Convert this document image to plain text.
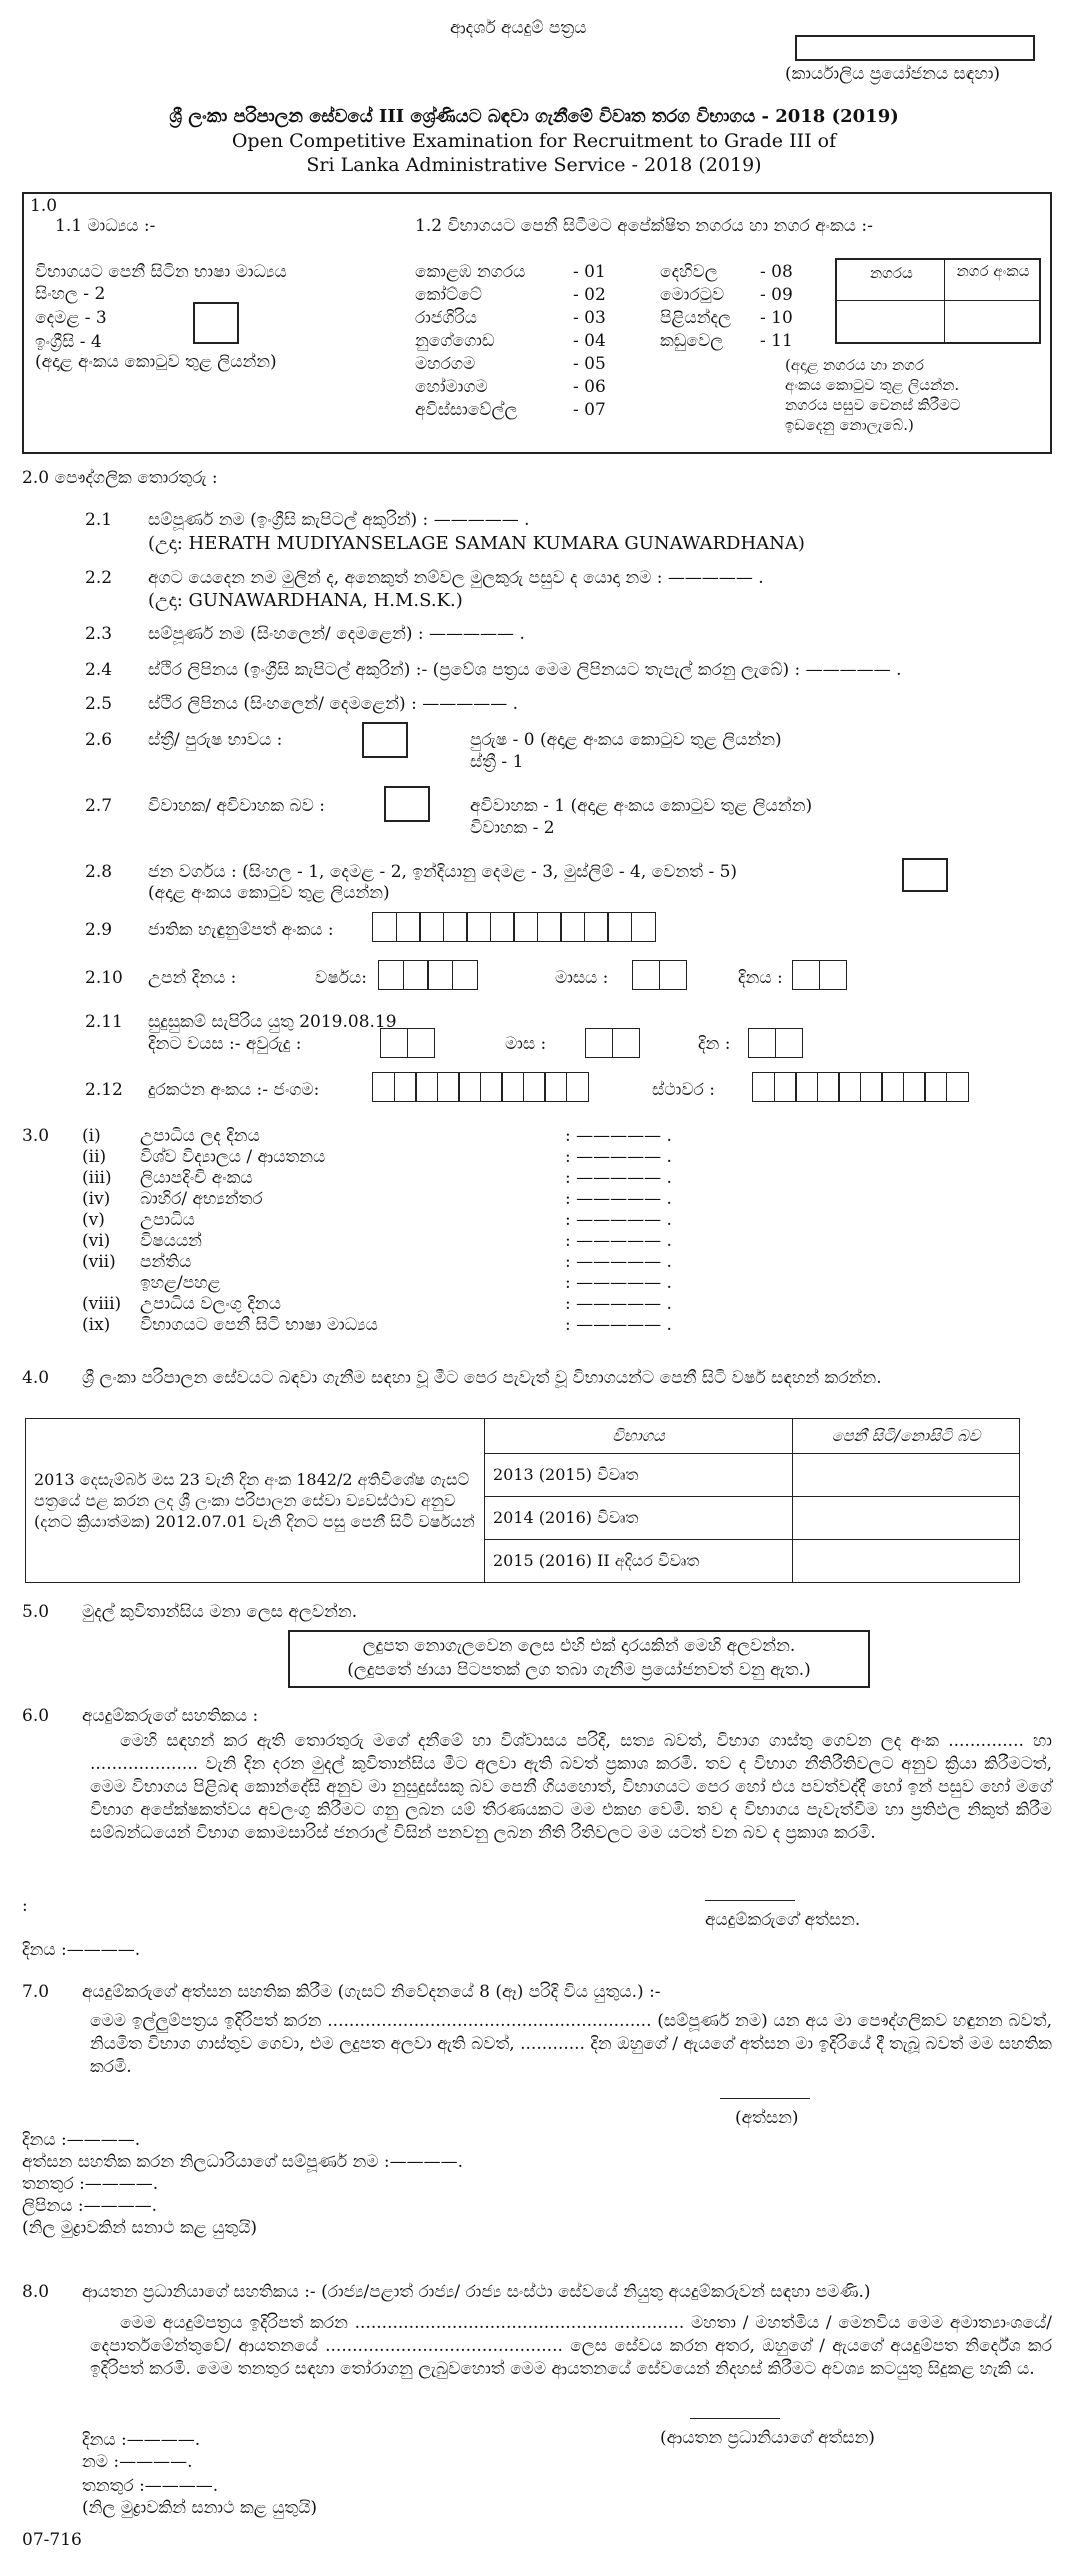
ආදර්ශ අයදුම් පත්‍රය
(කාර්යාලිය ප්‍රයෝජනය සඳහා)
ශ්‍රී ලංකා පරිපාලන සේවයේ III ශ්‍රේණියට බඳවා ගැනීමේ විවෘත තරග විභාගය - 2018 (2019)
Open Competitive Examination for Recruitment to Grade III of
Sri Lanka Administrative Service - 2018 (2019)
1.0
1.1 මාධ්‍යය :-	1.2 විභාගයට පෙනී සිටීමට අපේක්ෂිත නගරය හා නගර අංකය :-
විභාගයට පෙනී සිටින භාෂා මාධ්‍යය
සිංහල - 2
දෙමළ - 3
ඉංග්‍රීසි - 4
(අදාළ අංකය කොටුව තුළ ලියන්න)
කොළඹ නගරය	- 01
කෝට්ටේ	- 02
රාජගිරිය	- 03
නුගේගොඩ	- 04
මහරගම	- 05
හෝමාගම	- 06
අවිස්සාවේල්ල	- 07
දෙහිවල - 08
මොරටුව - 09
පිළියන්දල - 10
කඩුවෙල - 11
නගරය	නගර අංකය
(අදාළ නගරය හා නගර
අංකය කොටුව තුළ ලියන්න.
නගරය පසුව වෙනස් කිරීමට
ඉඩදෙනු නොලැබේ.)
2.0 පෞද්ගලික තොරතුරු :
2.1 සම්පූර්ණ නම (ඉංග්‍රීසි කැපිටල් අකුරින්) : ————— .
(උදා: HERATH MUDIYANSELAGE SAMAN KUMARA GUNAWARDHANA)
2.2 අගට යෙදෙන නම මුලින් ද, අනෙකුත් නම්වල මුලකුරු පසුව ද යොදා නම : ————— .
(උදා: GUNAWARDHANA, H.M.S.K.)
2.3 සම්පූර්ණ නම (සිංහලෙන්/ දෙමළෙන්) : ————— .
2.4 ස්ථිර ලිපිනය (ඉංග්‍රීසි කැපිටල් අකුරින්) :- (ප්‍රවේශ පත්‍රය මෙම ලිපිනයට තැපැල් කරනු ලැබේ) : ————— .
2.5 ස්ථිර ලිපිනය (සිංහලෙන්/ දෙමළෙන්) : ————— .
2.6 ස්ත්‍රී/ පුරුෂ භාවය :	පුරුෂ - 0 (අදාළ අංකය කොටුව තුළ ලියන්න)
ස්ත්‍රී - 1
2.7 විවාහක/ අවිවාහක බව :	අවිවාහක - 1 (අදාළ අංකය කොටුව තුළ ලියන්න)
විවාහක - 2
2.8 ජන වර්ගය : (සිංහල - 1, දෙමළ - 2, ඉන්දියානු දෙමළ - 3, මුස්ලිම් - 4, වෙනත් - 5)
(අදාළ අංකය කොටුව තුළ ලියන්න)
2.9 ජාතික හැඳුනුම්පත් අංකය :
2.10 උපන් දිනය :	වර්ෂය:	මාසය :	දිනය :
2.11 සුදුසුකම් සැපිරිය යුතු 2019.08.19
දිනට වයස :- අවුරුදු :	මාස :	දින :
2.12 දුරකථන අංකය :- ජංගම:	ස්ථාවර :
3.0 (i) උපාධිය ලද දිනය	: ————— .
(ii) විශ්ව විද්‍යාලය / ආයතනය	: ————— .
(iii) ලියාපදිංචි අංකය	: ————— .
(iv) බාහිර/ අභ්‍යන්තර	: ————— .
(v) උපාධිය	: ————— .
(vi) විෂයයන්	: ————— .
(vii) පන්තිය	: ————— .
ඉහළ/පහළ	: ————— .
(viii) උපාධිය වලංගු දිනය	: ————— .
(ix) විභාගයට පෙනී සිටි භාෂා මාධ්‍යය	: ————— .
4.0 ශ්‍රී ලංකා පරිපාලන සේවයට බඳවා ගැනීම සඳහා වූ මීට පෙර පැවැත් වූ විභාගයන්ට පෙනී සිටි වර්ෂ සඳහන් කරන්න.
2013 දෙසැම්බර් මස 23 වැනි දින අංක 1842/2 අතිවිශේෂ ගැසට් පත්‍රයේ පළ කරන ලද ශ්‍රී ලංකා පරිපාලන සේවා ව්‍යවස්ථාව අනුව (දනට ක්‍රියාත්මක) 2012.07.01 වැනි දිනට පසු පෙනී සිටි වර්ෂයන්	විභාගය	පෙනී සිටි/නොසිටි බව
	2013 (2015) විවෘත	
	2014 (2016) විවෘත	
	2015 (2016) II අදියර විවෘත	
5.0 මුදල් කුවිතාන්සිය මනා ලෙස අලවන්න.
ලදුපත නොගැලවෙන ලෙස එහි එක් දාරයකින් මෙහි අලවන්න.
(ලදුපතේ ඡායා පිටපතක් ලග තබා ගැනීම ප්‍රයෝජනවත් වනු ඇත.)
6.0 අයදුම්කරුගේ සහතිකය :
මෙහි සඳහන් කර ඇති තොරතුරු මගේ දනීමේ හා විශ්වාසය පරිදි, සත්‍ය බවත්, විභාග ගාස්තු ගෙවන ලද අංක .............. හා .................... වැනි දින දරන මුදල් කුවිතාන්සිය මීට අලවා ඇති බවත් ප්‍රකාශ කරමි. තව ද විභාග නීතිරීතිවලට අනුව ක්‍රියා කිරීමටත්, මෙම විභාගය පිළිබඳ කොන්දේසි අනුව මා නුසුදුස්සකු බව පෙනී ගියහොත්, විභාගයට පෙර හෝ එය පවත්වද්දී හෝ ඉන් පසුව හෝ මගේ විභාග අපේක්ෂකත්වය අවලංගු කිරීමට ගනු ලබන යම් තීරණයකට මම එකඟ වෙමි. තව ද විභාගය පැවැත්වීම හා ප්‍රතිඵල නිකුත් කිරීම සම්බන්ධයෙන් විභාග කොමසාරිස් ජනරාල් විසින් පනවනු ලබන නීති රීතිවලට මම යටත් වන බව ද ප්‍රකාශ කරමි.
:
අයදුම්කරුගේ අත්සන.
දිනය :————.
7.0 අයදුම්කරුගේ අත්සන සහතික කිරීම (ගැසට් නිවේදනයේ 8 (ඈ) පරිදි විය යුතුය.) :-
මෙම ඉල්ලුම්පත්‍රය ඉදිරිපත් කරන ............................................................ (සම්පූර්ණ නම) යන අය මා පෞද්ගලිකව හඳුනන බවත්, නියමිත විභාග ගාස්තුව ගෙවා, එම ලදුපත අලවා ඇති බවත්, ............ දින ඔහුගේ / ඇයගේ අත්සන මා ඉදිරියේ දී තැබූ බවත් මම සහතික කරමි.
(අත්සන)
දිනය :————.
අත්සන සහතික කරන නිලධාරියාගේ සම්පූර්ණ නම :————.
තනතුර :————.
ලිපිනය :————.
(නිල මුද්‍රාවකින් සනාථ කළ යුතුයි)
8.0 ආයතන ප්‍රධානියාගේ සහතිකය :- (රාජ්‍ය/පළාත් රාජ්‍ය/ රාජ්‍ය සංස්ථා සේවයේ නියුතු අයදුම්කරුවන් සඳහා පමණි.)
මෙම අයදුම්පත්‍රය ඉදිරිපත් කරන ............................................................. මහතා / මහත්මිය / මෙනවිය මෙම අමාත්‍යාංශයේ/ දෙපාර්තමේන්තුවේ/ ආයතනයේ ............................................ ලෙස සේවය කරන අතර, ඔහුගේ / ඇයගේ අයදුම්පත නිර්දේශ කර ඉදිරිපත් කරමි. මෙම තනතුර සඳහා තෝරාගනු ලැබුවහොත් මෙම ආයතනයේ සේවයෙන් නිදහස් කිරීමට අවශ්‍ය කටයුතු සිදුකළ හැකි ය.
(ආයතන ප්‍රධානියාගේ අත්සන)
දිනය :————.
නම :————.
තනතුර :————.
(නිල මුද්‍රාවකින් සනාථ කළ යුතුයි)
07-716
